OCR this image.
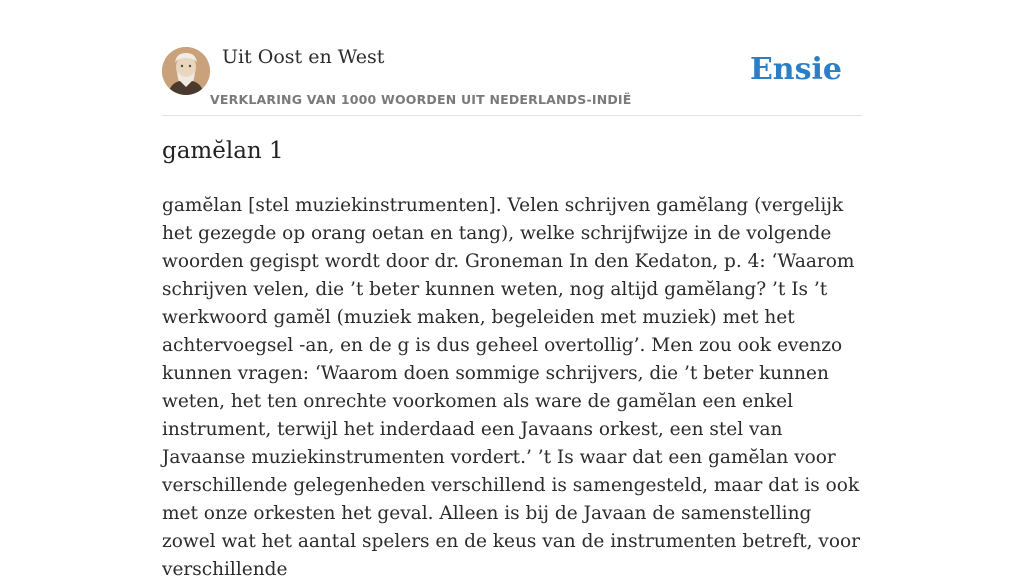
Uit Oost en West
VERKLARING VAN 1000 WOORDEN UIT NEDERLANDS-INDIË
Ensie
gamĕlan 1

gamĕlan [stel muziekinstrumenten]. Velen schrijven gamĕlang (vergelijk het gezegde op orang oetan en tang), welke schrijfwijze in de volgende woorden gegispt wordt door dr. Groneman In den Kedaton, p. 4: ‘Waarom schrijven velen, die ’t beter kunnen weten, nog altijd gamĕlang? ’t Is ’t werkwoord gamĕl (muziek maken, begeleiden met muziek) met het achtervoegsel -an, en de g is dus geheel overtollig’. Men zou ook evenzo kunnen vragen: ‘Waarom doen sommige schrijvers, die ’t beter kunnen weten, het ten onrechte voorkomen als ware de gamĕlan een enkel instrument, terwijl het inderdaad een Javaans orkest, een stel van Javaanse muziekinstrumenten vordert.’ ’t Is waar dat een gamĕlan voor verschillende gelegenheden verschillend is samengesteld, maar dat is ook met onze orkesten het geval. Alleen is bij de Javaan de samenstelling zowel wat het aantal spelers en de keus van de instrumenten betreft, voor verschillende
